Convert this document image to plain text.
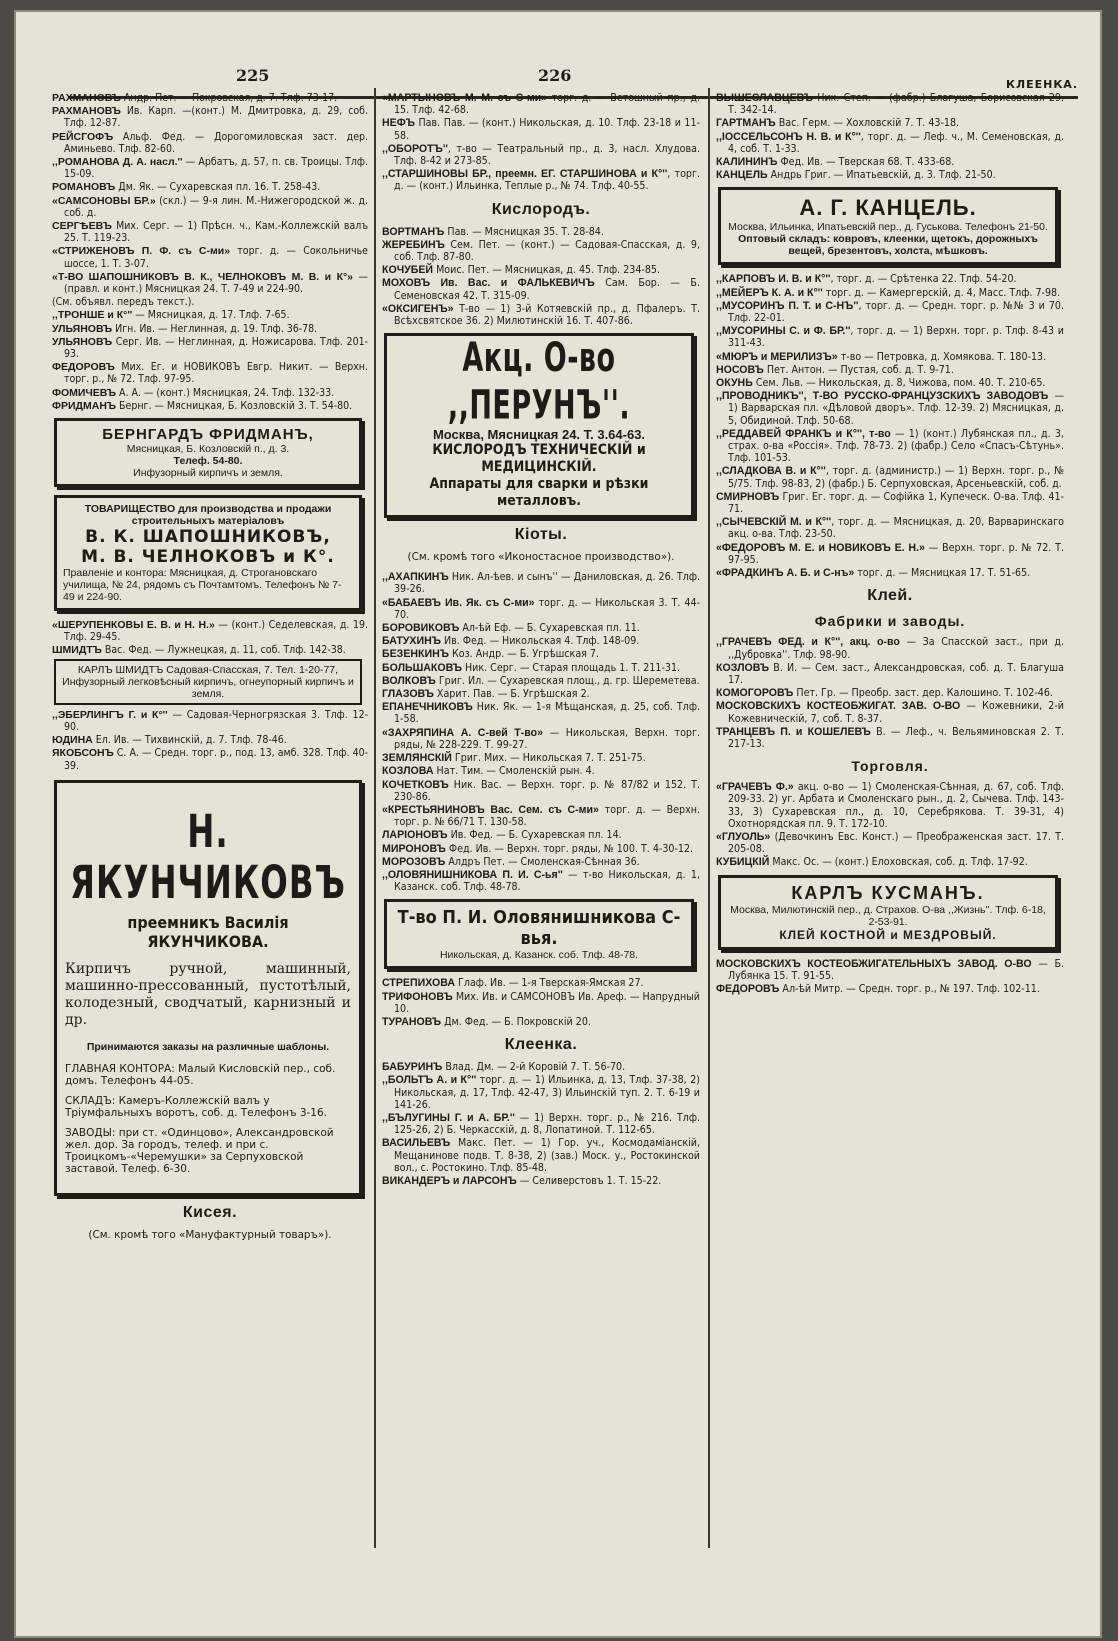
225	226	КЛЕЕНКА.
РАХМАНОВЪ Андр. Пет. — Покровская, д. 7. Тлф. 73-17.
РАХМАНОВЪ Ив. Карп. —(конт.) М. Дмитровка, д. 29, соб. Тлф. 12-87.
РЕЙСГОФЪ Альф. Фед. — Дорогомиловская заст. дер. Аминьево. Тлф. 82-60.
,,РОМАНОВА Д. А. насл.'' — Арбатъ, д. 57, п. св. Троицы. Тлф. 15-09.
РОМАНОВЪ Дм. Як. — Сухаревская пл. 16. Т. 258-43.
«САМСОНОВЫ БР.» (скл.) — 9-я лин. М.-Нижегородской ж. д. соб. д.
СЕРГѢЕВЪ Мих. Серг. — 1) Прѣсн. ч., Кам.-Коллежскій валъ 25. Т. 119-23.
«СТРИЖЕНОВЪ П. Ф. съ С-ми» торг. д. — Сокольничье шоссе, 1. Т. 3-07.
«Т-ВО ШАПОШНИКОВЪ В. К., ЧЕЛНОКОВЪ М. В. и К°» — (правл. и конт.) Мясницкая 24. Т. 7-49 и 224-90.
(См. объявл. передъ текст.).
,,ТРОНШЕ и К°'' — Мясницкая, д. 17. Тлф. 7-65.
УЛЬЯНОВЪ Игн. Ив. — Неглинная, д. 19. Тлф. 36-78.
УЛЬЯНОВЪ Серг. Ив. — Неглинная, д. Ножисарова. Тлф. 201-93.
ФЕДОРОВЪ Мих. Ег. и НОВИКОВЪ Евгр. Никит. — Верхн. торг. р., № 72. Тлф. 97-95.
ФОМИЧЕВЪ А. А. — (конт.) Мясницкая, 24. Тлф. 132-33.
ФРИДМАНЪ Бернг. — Мясницкая, Б. Козловскій 3. Т. 54-80.
БЕРНГАРДЪ ФРИДМАНЪ,
Мясницкая, Б. Козловскій п., д. 3.
Телеф. 54-80.
Инфузорный кирпичъ и земля.
ТОВАРИЩЕСТВО для производства и продажи строительныхъ матеріаловъ
В. К. ШАПОШНИКОВЪ,
М. В. ЧЕЛНОКОВЪ и К°.
Правленіе и контора: Мясницкая, д. Строгановскаго училища, № 24, рядомъ съ Почтамтомъ. Телефонъ № 7-49 и 224-90.
«ШЕРУПЕНКОВЫ Е. В. и Н. Н.» — (конт.) Седелевская, д. 19. Тлф. 29-45.
ШМИДТЪ Вас. Фед. — Лужнецкая, д. 11, соб. Тлф. 142-38.
КАРЛЪ ШМИДТЪ Садовая-Спасская, 7. Тел. 1-20-77, Инфузорный легковѣсный кирпичъ, огнеупорный кирпичъ и земля.
,,ЭБЕРЛИНГЪ Г. и К°'' — Садовая-Черногрязская 3. Тлф. 12-90.
ЮДИНА Ел. Ив. — Тихвинскій, д. 7. Тлф. 78-46.
ЯКОБСОНЪ С. А. — Средн. торг. р., под. 13, амб. 328. Тлф. 40-39.
Н. ЯКУНЧИКОВЪ
преемникъ Василія ЯКУНЧИКОВА.
Кирпичъ ручной, машинный, машинно-прессованный, пустотѣлый, колодезный, сводчатый, карнизный и др.
Принимаются заказы на различные шаблоны.
ГЛАВНАЯ КОНТОРА: Малый Кисловскій пер., соб. домъ. Телефонъ 44-05.
СКЛАДЪ: Камеръ-Коллежскій валъ у Тріумфальныхъ воротъ, соб. д. Телефонъ 3-16.
ЗАВОДЫ: при ст. «Одинцово», Александровской жел. дор. За городъ, телеф. и при с. Троицкомъ-«Черемушки» за Серпуховской заставой. Телеф. 6-30.
Кисея.
(См. кромѣ того «Мануфактурный товаръ»).
«МАРТЫНОВЪ М. М. съ С-ми» торг. д. — Ветошный пр., д. 15. Тлф. 42-68.
НЕФЪ Пав. Пав. — (конт.) Никольская, д. 10. Тлф. 23-18 и 11-58.
,,ОБОРОТЪ'', т-во — Театральный пр., д. 3, насл. Хлудова. Тлф. 8-42 и 273-85.
,,СТАРШИНОВЫ БР., преемн. ЕГ. СТАРШИНОВА и К°'', торг. д. — (конт.) Ильинка, Теплые р., № 74. Тлф. 40-55.
Кислородъ.
ВОРТМАНЪ Пав. — Мясницкая 35. Т. 28-84.
ЖЕРЕБИНЪ Сем. Пет. — (конт.) — Садовая-Спасская, д. 9, соб. Тлф. 87-80.
КОЧУБЕЙ Моис. Пет. — Мясницкая, д. 45. Тлф. 234-85.
МОХОВЪ Ив. Вас. и ФАЛЬКЕВИЧЪ Сам. Бор. — Б. Семеновская 42. Т. 315-09.
«ОКСИГЕНЪ» Т-во — 1) 3-й Котяевскій пр., д. Пфалеръ. Т. Всѣхсвятское 36. 2) Милютинскій 16. Т. 407-86.
Акц. О-во ,,ПЕРУНЪ''.
Москва, Мясницкая 24. Т. 3.64-63.
КИСЛОРОДЪ ТЕХНИЧЕСКІЙ и МЕДИЦИНСКІЙ.
Аппараты для сварки и рѣзки металловъ.
Кіоты.
(См. кромѣ того «Иконостасное производство»).
,,АХАПКИНЪ Ник. Ал-ѣев. и сынъ'' — Даниловская, д. 26. Тлф. 39-26.
«БАБАЕВЪ Ив. Як. съ С-ми» торг. д. — Никольская 3. Т. 44-70.
БОРОВИКОВЪ Ал-ѣй Еф. — Б. Сухаревская пл. 11.
БАТУХИНЪ Ив. Фед. — Никольская 4. Тлф. 148-09.
БЕЗЕНКИНЪ Коз. Андр. — Б. Угрѣшская 7.
БОЛЬШАКОВЪ Ник. Серг. — Старая площадь 1. Т. 211-31.
ВОЛКОВЪ Григ. Ил. — Сухаревская площ., д. гр. Шереметева.
ГЛАЗОВЪ Харит. Пав. — Б. Угрѣшская 2.
ЕПАНЕЧНИКОВЪ Ник. Як. — 1-я Мѣщанская, д. 25, соб. Тлф. 1-58.
«ЗАХРЯПИНА А. С-вей Т-во» — Никольская, Верхн. торг. ряды, № 228-229. Т. 99-27.
ЗЕМЛЯНСКІЙ Григ. Мих. — Никольская 7. Т. 251-75.
КОЗЛОВА Нат. Тим. — Смоленскій рын. 4.
КОЧЕТКОВЪ Ник. Вас. — Верхн. торг. р. № 87/82 и 152. Т. 230-86.
«КРЕСТЬЯНИНОВЪ Вас. Сем. съ С-ми» торг. д. — Верхн. торг. р. № 66/71 Т. 130-58.
ЛАРІОНОВЪ Ив. Фед. — Б. Сухаревская пл. 14.
МИРОНОВЪ Фед. Ив. — Верхн. торг. ряды, № 100. Т. 4-30-12.
МОРОЗОВЪ Алдръ Пет. — Смоленская-Сѣнная 36.
,,ОЛОВЯНИШНИКОВА П. И. С-ья'' — т-во Никольская, д. 1, Казанск. соб. Тлф. 48-78.
Т-во П. И. Оловянишникова С-вья.
Никольская, д. Казанск. соб. Тлф. 48-78.
СТРЕПИХОВА Глаф. Ив. — 1-я Тверская-Ямская 27.
ТРИФОНОВЪ Мих. Ив. и САМСОНОВЪ Ив. Ареф. — Напрудный 10.
ТУРАНОВЪ Дм. Фед. — Б. Покровскій 20.
Клеенка.
БАБУРИНЪ Влад. Дм. — 2-й Коровій 7. Т. 56-70.
,,БОЛЬТЪ А. и К°'' торг. д. — 1) Ильинка, д. 13, Тлф. 37-38, 2) Никольская, д. 17, Тлф. 42-47, 3) Ильинскій туп. 2. Т. 6-19 и 141-26.
,,БЪЛУГИНЫ Г. и А. БР.'' — 1) Верхн. торг. р., № 216. Тлф. 125-26, 2) Б. Черкасскій, д. 8, Лопатиной. Т. 112-65.
ВАСИЛЬЕВЪ Макс. Пет. — 1) Гор. уч., Космодаміанскій, Мещанинове подв. Т. 8-38, 2) (зав.) Моск. у., Ростокинской вол., с. Ростокино. Тлф. 85-48.
ВИКАНДЕРЪ и ЛАРСОНЪ — Селиверстовъ 1. Т. 15-22.
ВЫШЕСЛАВЦЕВЪ Ник. Степ. — (фабр.) Благуша, Борисовская 29. Т. 342-14.
ГАРТМАНЪ Вас. Герм. — Хохловскій 7. Т. 43-18.
,,ІОССЕЛЬСОНЪ Н. В. и К°'', торг. д. — Леф. ч., М. Семеновская, д. 4, соб. Т. 1-33.
КАЛИНИНЪ Фед. Ив. — Тверская 68. Т. 433-68.
КАНЦЕЛЬ Андрь Григ. — Ипатьевскій, д. 3. Тлф. 21-50.
А. Г. КАНЦЕЛЬ.
Москва, Ильинка, Ипатьевскій пер., д. Гуськова. Телефонъ 21-50.
Оптовый складъ: ковровъ, клеенки, щетокъ, дорожныхъ вещей, брезентовъ, холста, мѣшковъ.
,,КАРПОВЪ И. В. и К°'', торг. д. — Срѣтенка 22. Тлф. 54-20.
,,МЕЙЕРЪ К. А. и К°'' торг. д. — Камергерскій, д. 4, Масс. Тлф. 7-98.
,,МУСОРИНЪ П. Т. и С-НЪ'', торг. д. — Средн. торг. р. №№ 3 и 70. Тлф. 22-01.
,,МУСОРИНЫ С. и Ф. БР.'', торг. д. — 1) Верхн. торг. р. Тлф. 8-43 и 311-43.
«МЮРЪ и МЕРИЛИЗЪ» т-во — Петровка, д. Хомякова. Т. 180-13.
НОСОВЪ Пет. Антон. — Пустая, соб. д. Т. 9-71.
ОКУНЬ Сем. Льв. — Никольская, д. 8, Чижова, пом. 40. Т. 210-65.
,,ПРОВОДНИКЪ'', Т-ВО РУССКО-ФРАНЦУЗСКИХЪ ЗАВОДОВЪ — 1) Варварская пл. «Дѣловой дворъ». Тлф. 12-39. 2) Мясницкая, д. 5, Обидиной. Тлф. 50-68.
,,РЕДДАВЕЙ ФРАНКЪ и К°'', т-во — 1) (конт.) Лубянская пл., д. 3, страх. о-ва «Россія». Тлф. 78-73. 2) (фабр.) Село «Спасъ-Сѣтунь». Тлф. 101-53.
,,СЛАДКОВА В. и К°'', торг. д. (администр.) — 1) Верхн. торг. р., № 5/75. Тлф. 98-83, 2) (фабр.) Б. Серпуховская, Арсеньевскій, соб. д.
СМИРНОВЪ Григ. Ег. торг. д. — Софійка 1, Купеческ. О-ва. Тлф. 41-71.
,,СЫЧЕВСКІЙ М. и К°'', торг. д. — Мясницкая, д. 20, Варваринскаго акц. о-ва. Тлф. 23-50.
«ФЕДОРОВЪ М. Е. и НОВИКОВЪ Е. Н.» — Верхн. торг. р. № 72. Т. 97-95.
«ФРАДКИНЪ А. Б. и С-нъ» торг. д. — Мясницкая 17. Т. 51-65.
Клей.
Фабрики и заводы.
,,ГРАЧЕВЪ ФЕД. и К°'', акц. о-во — За Спасской заст., при д. ,,Дубровка''. Тлф. 98-90.
КОЗЛОВЪ В. И. — Сем. заст., Александровская, соб. д. Т. Благуша 17.
КОМОГОРОВЪ Пет. Гр. — Преобр. заст. дер. Калошино. Т. 102-46.
МОСКОВСКИХЪ КОСТЕОБЖИГАТ. ЗАВ. О-ВО — Кожевники, 2-й Кожевническій, 7, соб. Т. 8-37.
ТРАНЦЕВЪ П. и КОШЕЛЕВЪ В. — Леф., ч. Вельяминовская 2. Т. 217-13.
Торговля.
«ГРАЧЕВЪ Ф.» акц. о-во — 1) Смоленская-Сѣнная, д. 67, соб. Тлф. 209-33. 2) уг. Арбата и Смоленскаго рын., д. 2, Сычева. Тлф. 143-33, 3) Сухаревская пл., д. 10, Серебрякова. Т. 39-31, 4) Охотнорядская пл. 9. Т. 172-10.
«ГЛУОЛЬ» (Девочкинъ Евс. Конст.) — Преображенская заст. 17. Т. 205-08.
КУБИЦКІЙ Макс. Ос. — (конт.) Елоховская, соб. д. Тлф. 17-92.
КАРЛЪ КУСМАНЪ.
Москва, Милютинскій пер., д. Страхов. О-ва ,,Жизнь''. Тлф. 6-18, 2-53-91.
КЛЕЙ КОСТНОЙ и МЕЗДРОВЫЙ.
МОСКОВСКИХЪ КОСТЕОБЖИГАТЕЛЬНЫХЪ ЗАВОД. О-ВО — Б. Лубянка 15. Т. 91-55.
ФЕДОРОВЪ Ал-ѣй Митр. — Средн. торг. р., № 197. Тлф. 102-11.
